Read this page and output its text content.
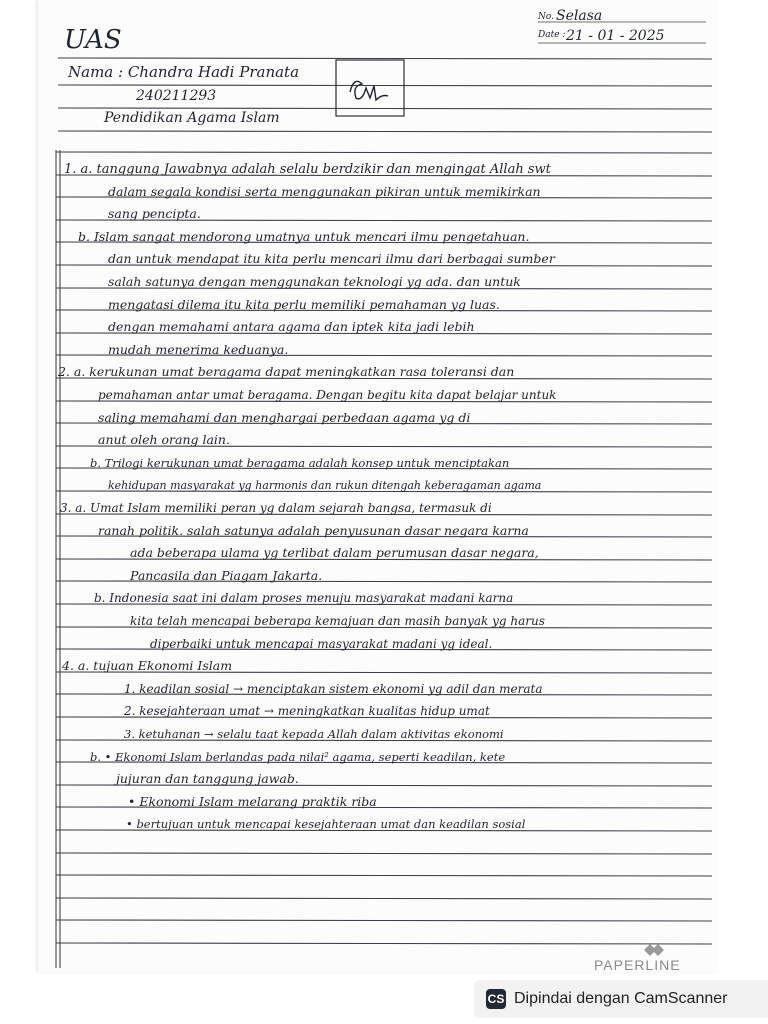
UAS
No. Selasa
Date : 21 - 01 - 2025
Nama : Chandra Hadi Pranata
240211293
Pendidikan Agama Islam
1. a. tanggung Jawabnya adalah selalu berdzikir dan mengingat Allah swt
dalam segala kondisi serta menggunakan pikiran untuk memikirkan
sang pencipta.
b. Islam sangat mendorong umatnya untuk mencari ilmu pengetahuan.
dan untuk mendapat itu kita perlu mencari ilmu dari berbagai sumber
salah satunya dengan menggunakan teknologi yg ada. dan untuk
mengatasi dilema itu kita perlu memiliki pemahaman yg luas.
dengan memahami antara agama dan iptek kita jadi lebih
mudah menerima keduanya.
2. a. kerukunan umat beragama dapat meningkatkan rasa toleransi dan
pemahaman antar umat beragama. Dengan begitu kita dapat belajar untuk
saling memahami dan menghargai perbedaan agama yg di
anut oleh orang lain.
b. Trilogi kerukunan umat beragama adalah konsep untuk menciptakan
kehidupan masyarakat yg harmonis dan rukun ditengah keberagaman agama
3. a. Umat Islam memiliki peran yg dalam sejarah bangsa, termasuk di
ranah politik. salah satunya adalah penyusunan dasar negara karna
ada beberapa ulama yg terlibat dalam perumusan dasar negara,
Pancasila dan Piagam Jakarta.
b. Indonesia saat ini dalam proses menuju masyarakat madani karna
kita telah mencapai beberapa kemajuan dan masih banyak yg harus
diperbaiki untuk mencapai masyarakat madani yg ideal.
4. a. tujuan Ekonomi Islam
1. keadilan sosial → menciptakan sistem ekonomi yg adil dan merata
2. kesejahteraan umat → meningkatkan kualitas hidup umat
3. ketuhanan → selalu taat kepada Allah dalam aktivitas ekonomi
b. • Ekonomi Islam berlandas pada nilai² agama, seperti keadilan, kete
jujuran dan tanggung jawab.
• Ekonomi Islam melarang praktik riba
• bertujuan untuk mencapai kesejahteraan umat dan keadilan sosial
PAPERLINE
CS Dipindai dengan CamScanner
